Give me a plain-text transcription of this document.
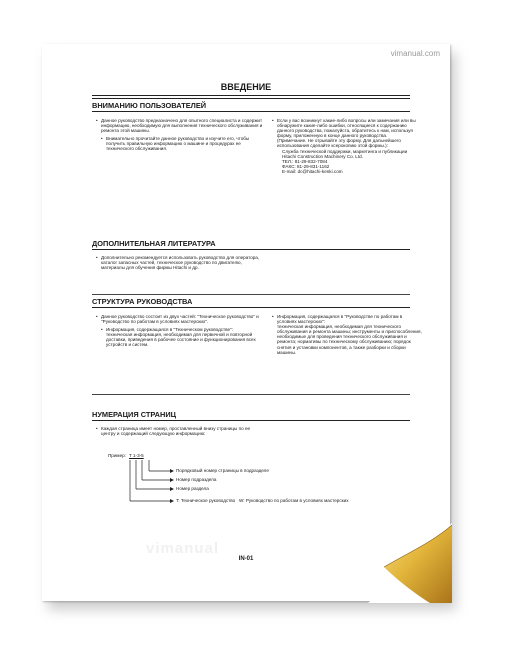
vimanual.com
vimanual
ВВЕДЕНИЕ
ВНИМАНИЮ ПОЛЬЗОВАТЕЛЕЙ

• Данное руководство предназначено для опытного специалиста и содержит информацию, необходимую для выполнения технического обслуживания и ремонта этой машины.

• Внимательно прочитайте данное руководство и изучите его, чтобы получить правильную информацию о машине и процедурах ее технического обслуживания.

• Если у вас возникнут какие-либо вопросы или замечания или вы обнаружите какие-либо ошибки, относящиеся к содержанию данного руководства, пожалуйста, обратитесь к нам, используя форму, приложенную в конце данного руководства.

(Примечание. Не отрывайте эту форму. Для дальнейшего использования сделайте ксерокопию этой формы.):

Служба технической поддержки, маркетинга и публикации

Hitachi Construction Machinery Co. Ltd.

ТЕЛ.: 81-29-832-7084

ФАКС: 81-29-831-1162

E-mail: dc@hitachi-kenki.com

ДОПОЛНИТЕЛЬНАЯ ЛИТЕРАТУРА

• Дополнительно рекомендуется использовать руководство для оператора, каталог запасных частей, техническое руководство по двигателю, материалы для обучения фирмы Hitachi и др.

СТРУКТУРА РУКОВОДСТВА

• Данное руководство состоит из двух частей: "Техническое руководство" и "Руководство по работам в условиях мастерских".

• Информация, содержащаяся в "Техническом руководстве":

техническая информация, необходимая для первичной и повторной доставки, приведения в рабочее состояние и функционирования всех устройств и систем.

• Информация, содержащаяся в "Руководстве по работам в условиях мастерских":

техническая информация, необходимая для технического обслуживания и ремонта машины; инструменты и приспособления, необходимые для проведения технического обслуживания и ремонта; нормативы по техническому обслуживанию; порядок снятия и установки компонентов, а также разборки и сборки машины.

НУМЕРАЦИЯ СТРАНИЦ

• Каждая страница имеет номер, проставленный внизу страницы по ее центру и содержащий следующую информацию:

Пример: T 1-3-5
Порядковый номер страницы в подразделе
Номер подраздела
Номер раздела
T: Техническое руководство   W: Руководство по работам в условиях мастерских
IN-01
